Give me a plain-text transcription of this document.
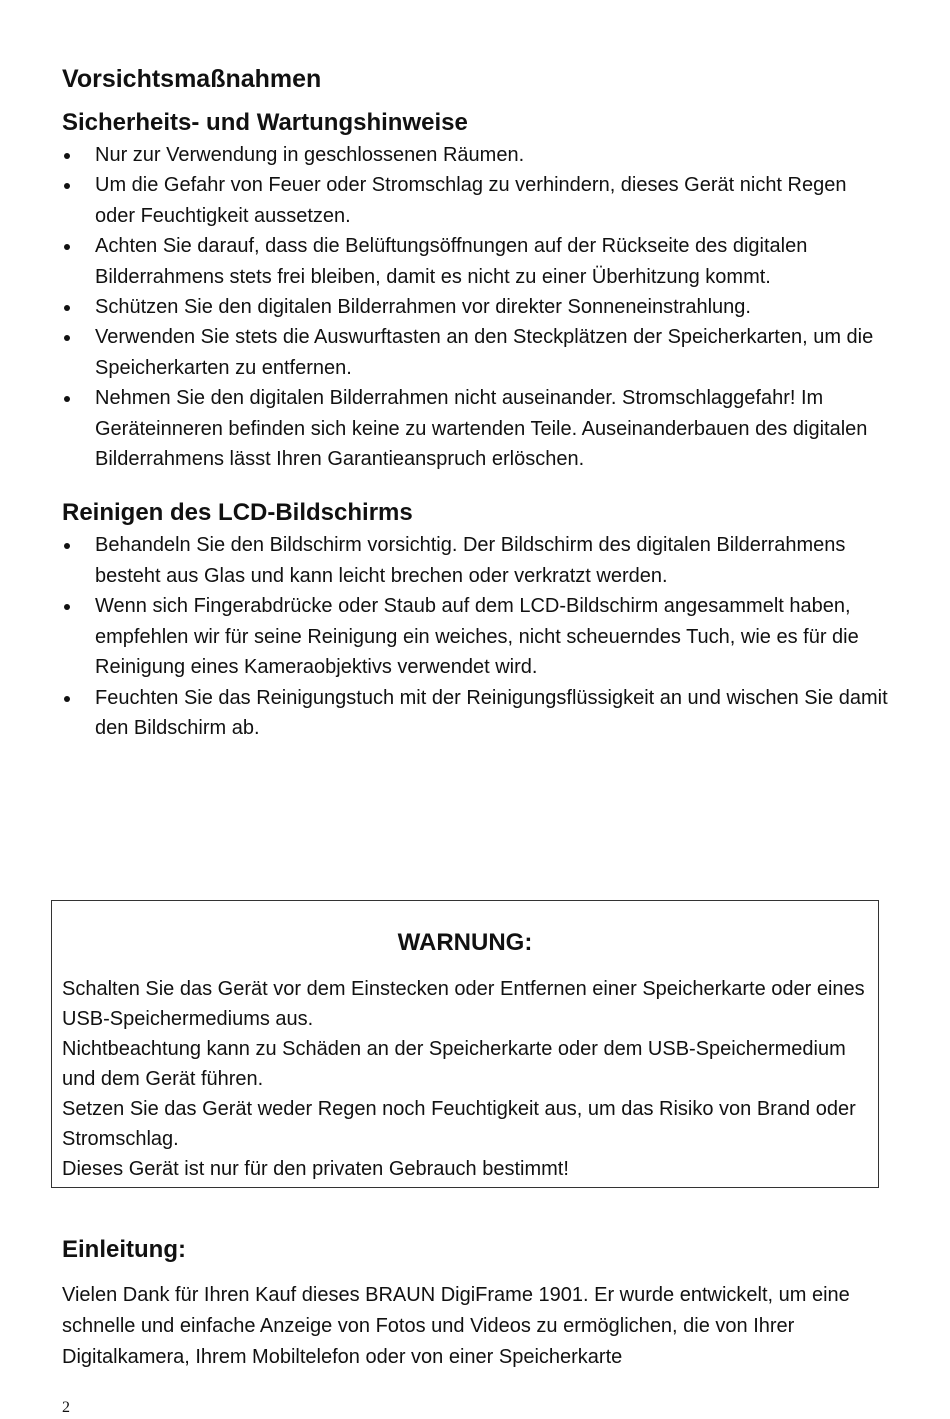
Vorsichtsmaßnahmen
Sicherheits- und Wartungshinweise
Nur zur Verwendung in geschlossenen Räumen.
Um die Gefahr von Feuer oder Stromschlag zu verhindern, dieses Gerät nicht Regen oder Feuchtigkeit aussetzen.
Achten Sie darauf, dass die Belüftungsöffnungen auf der Rückseite des digitalen Bilderrahmens stets frei bleiben, damit es nicht zu einer Überhitzung kommt.
Schützen Sie den digitalen Bilderrahmen vor direkter Sonneneinstrahlung.
Verwenden Sie stets die Auswurftasten an den Steckplätzen der Speicherkarten, um die Speicherkarten zu entfernen.
Nehmen Sie den digitalen Bilderrahmen nicht auseinander. Stromschlaggefahr! Im Geräteinneren befinden sich keine zu wartenden Teile. Auseinanderbauen des digitalen Bilderrahmens lässt Ihren Garantieanspruch erlöschen.
Reinigen des LCD-Bildschirms
Behandeln Sie den Bildschirm vorsichtig. Der Bildschirm des digitalen Bilderrahmens besteht aus Glas und kann leicht brechen oder verkratzt werden.
Wenn sich Fingerabdrücke oder Staub auf dem LCD-Bildschirm angesammelt haben, empfehlen wir für seine Reinigung ein weiches, nicht scheuerndes Tuch, wie es für die Reinigung eines Kameraobjektivs verwendet wird.
Feuchten Sie das Reinigungstuch mit der Reinigungsflüssigkeit an und wischen Sie damit den Bildschirm ab.
WARNUNG:

Schalten Sie das Gerät vor dem Einstecken oder Entfernen einer Speicherkarte oder eines USB-Speichermediums aus.

Nichtbeachtung kann zu Schäden an der Speicherkarte oder dem USB-Speichermedium und dem Gerät führen.

Setzen Sie das Gerät weder Regen noch Feuchtigkeit aus, um das Risiko von Brand oder Stromschlag.

Dieses Gerät ist nur für den privaten Gebrauch bestimmt!

Einleitung:

Vielen Dank für Ihren Kauf dieses BRAUN DigiFrame 1901. Er wurde entwickelt, um eine schnelle und einfache Anzeige von Fotos und Videos zu ermöglichen, die von Ihrer Digitalkamera, Ihrem Mobiltelefon oder von einer Speicherkarte

2
